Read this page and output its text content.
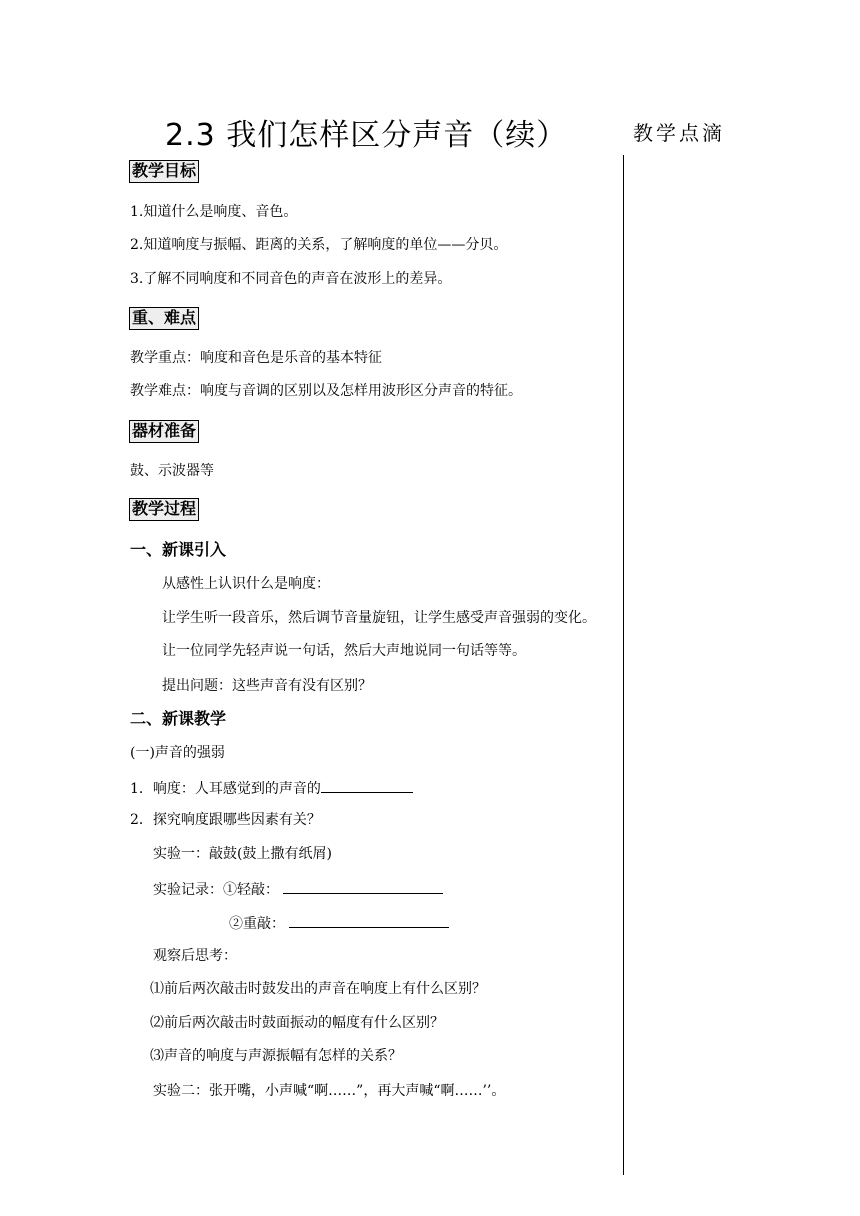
2.3 我们怎样区分声音（续）	教学点滴
教学目标
1.知道什么是响度、音色。
2.知道响度与振幅、距离的关系，了解响度的单位——分贝。
3.了解不同响度和不同音色的声音在波形上的差异。
重、难点
教学重点：响度和音色是乐音的基本特征
教学难点：响度与音调的区别以及怎样用波形区分声音的特征。
器材准备
鼓、示波器等
教学过程
一、新课引入
从感性上认识什么是响度：
让学生听一段音乐，然后调节音量旋钮，让学生感受声音强弱的变化。
让一位同学先轻声说一句话，然后大声地说同一句话等等。
提出问题：这些声音有没有区别？
二、新课教学
(一)声音的强弱
1．响度：人耳感觉到的声音的
2．探究响度跟哪些因素有关？
实验一：敲鼓(鼓上撒有纸屑)
实验记录：①轻敲：
②重敲：
观察后思考：
⑴前后两次敲击时鼓发出的声音在响度上有什么区别？
⑵前后两次敲击时鼓面振动的幅度有什么区别？
⑶声音的响度与声源振幅有怎样的关系？
实验二：张开嘴，小声喊“啊……”，再大声喊“啊……’’。
